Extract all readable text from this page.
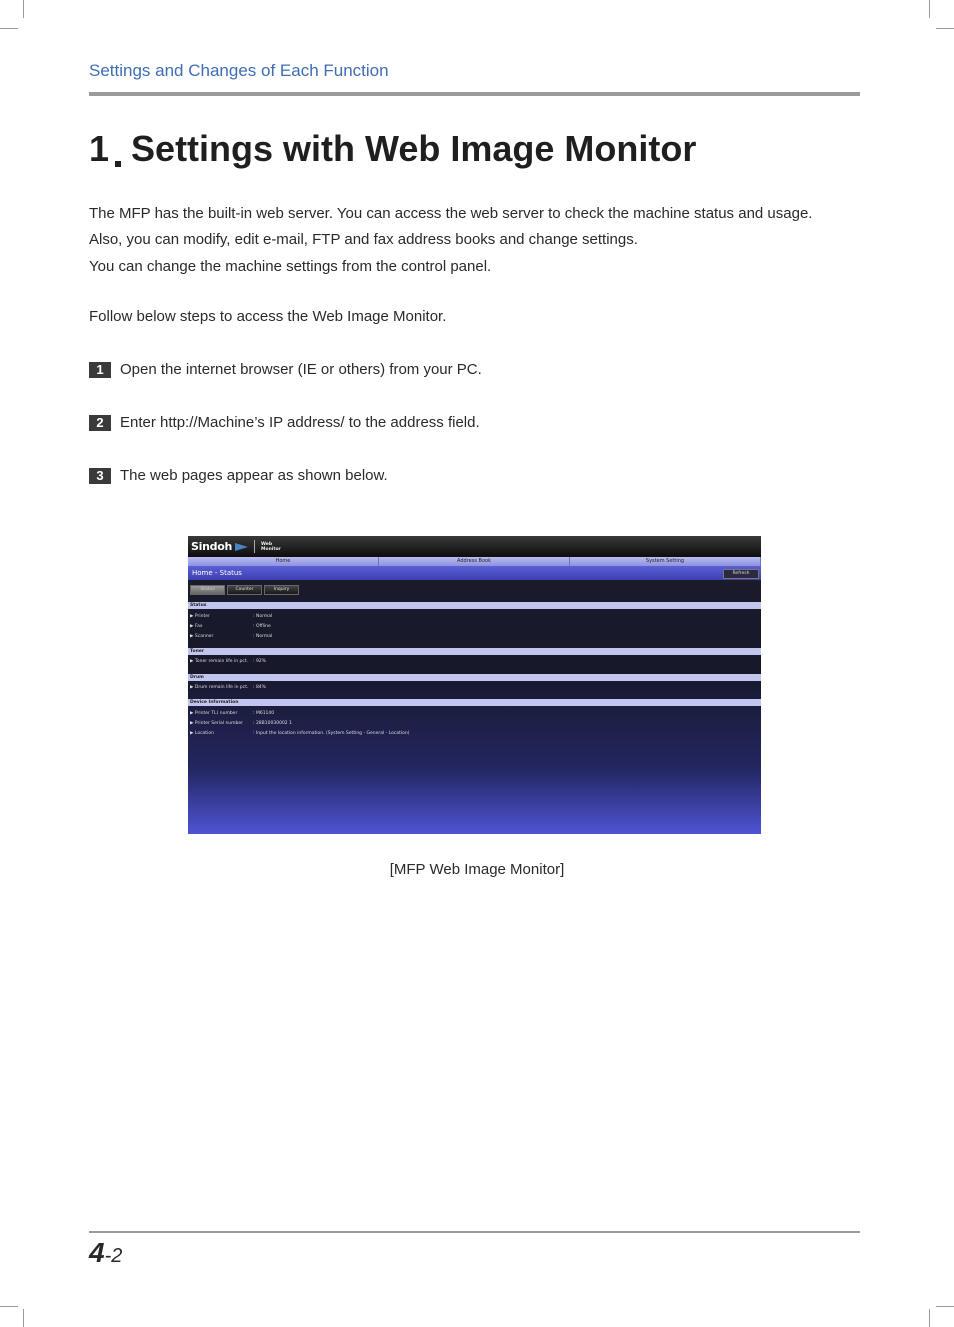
Settings and Changes of Each Function
1 Settings with Web Image Monitor
The MFP has the built-in web server. You can access the web server to check the machine status and usage.
Also, you can modify, edit e-mail, FTP and fax address books and change settings.
You can change the machine settings from the control panel.
Follow below steps to access the Web Image Monitor.
1	Open the internet browser (IE or others) from your PC.
2	Enter http://Machine’s IP address/ to the address field.
3	The web pages appear as shown below.
Sindoh	Web
Monitor
Home	Address Book	System Setting
Home - Status	Refresh
Status	Counter	Inquiry
Status
▶ Printer	: Normal
▶ Fax	: Offline
▶ Scanner	: Normal
Toner
▶ Toner remain life in pct.	: 92%
Drum
▶ Drum remain life in pct.	: 84%
Device Information
▶ Printer TL) number	: M61140
▶ Printer Serial number	: 28B10030002 1
▶ Location	: Input the location information. (System Setting - General - Location)
[MFP Web Image Monitor]
4-2
